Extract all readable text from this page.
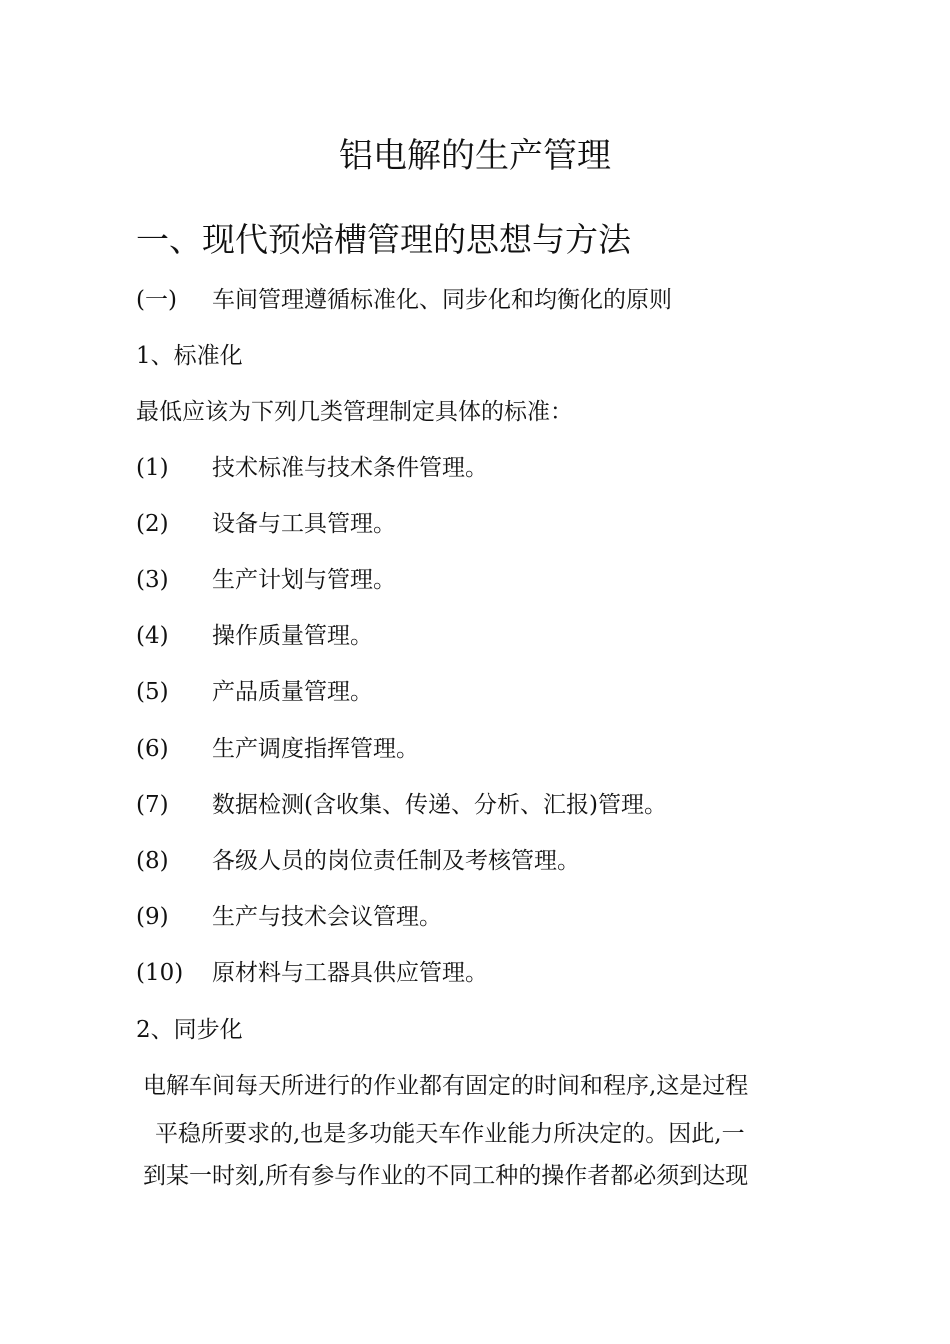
铝电解的生产管理
一、现代预焙槽管理的思想与方法
(一) 车间管理遵循标准化、同步化和均衡化的原则
1、标准化
最低应该为下列几类管理制定具体的标准：
(1) 技术标准与技术条件管理。
(2) 设备与工具管理。
(3) 生产计划与管理。
(4) 操作质量管理。
(5) 产品质量管理。
(6) 生产调度指挥管理。
(7) 数据检测(含收集、传递、分析、汇报)管理。
(8) 各级人员的岗位责任制及考核管理。
(9) 生产与技术会议管理。
(10) 原材料与工器具供应管理。
2、同步化
电解车间每天所进行的作业都有固定的时间和程序,这是过程
平稳所要求的,也是多功能天车作业能力所决定的。因此,一
到某一时刻,所有参与作业的不同工种的操作者都必须到达现
